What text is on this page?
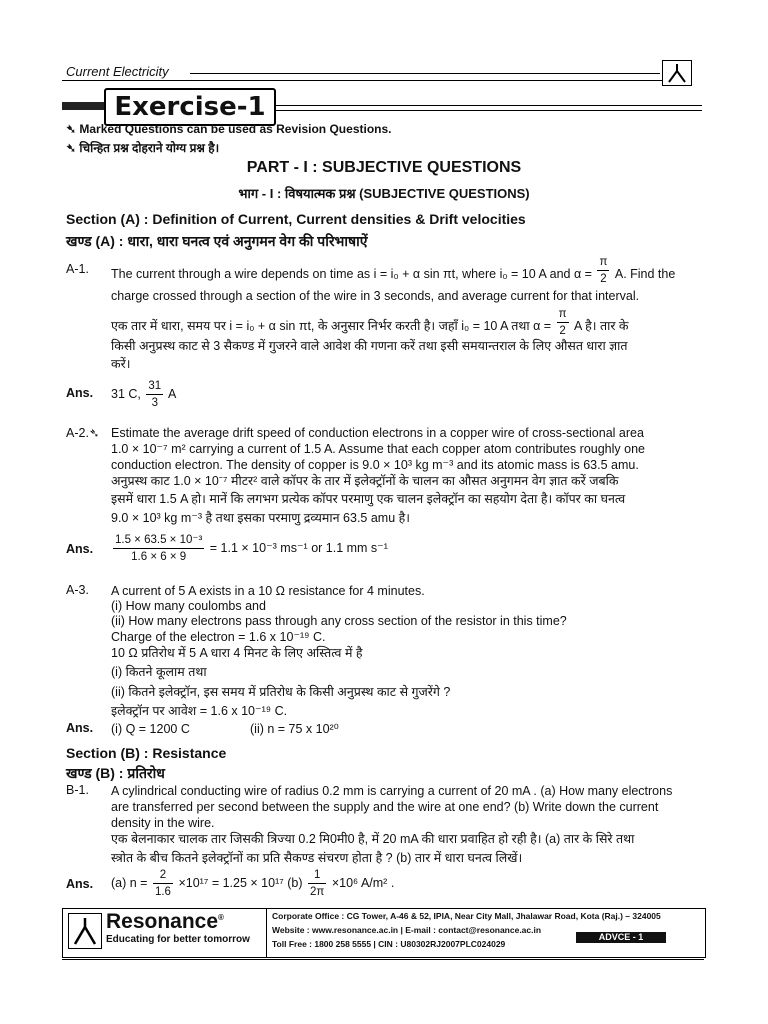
Current Electricity
Exercise-1
➴ Marked Questions can be used as Revision Questions.
➴ चिन्हित प्रश्न दोहराने योग्य प्रश्न है।
PART - I : SUBJECTIVE QUESTIONS
भाग - I : विषयात्मक प्रश्न (SUBJECTIVE QUESTIONS)
Section (A) : Definition of Current, Current densities & Drift velocities
खण्ड (A) : धारा, धारा घनत्व एवं अनुगमन वेग की परिभाषाऐं
A-1. The current through a wire depends on time as i = i₀ + α sin πt, where i₀ = 10 A and $\alpha = \frac{\pi}{2} A$. Find the
charge crossed through a section of the wire in 3 seconds, and average current for that interval.
एक तार में धारा, समय पर i = i₀ + α sin πt, के अनुसार निर्भर करती है। जहाँ i₀ = 10 A तथा $\alpha = \frac{\pi}{2}$ A है। तार के
किसी अनुप्रस्थ काट से 3 सैकण्ड में गुजरने वाले आवेश की गणना करें तथा इसी समयान्तराल के लिए औसत धारा ज्ञात
करें।
Ans. 31 C, $\frac{31}{3}$ A
A-2.➴ Estimate the average drift speed of conduction electrons in a copper wire of cross-sectional area
1.0 × 10⁻⁷ m² carrying a current of 1.5 A. Assume that each copper atom contributes roughly one
conduction electron. The density of copper is 9.0 × 10³ kg m⁻³ and its atomic mass is 63.5 amu.
अनुप्रस्थ काट 1.0 × 10⁻⁷ मीटर² वाले कॉपर के तार में इलेक्ट्रॉनों के चालन का औसत अनुगमन वेग ज्ञात करें जबकि
इसमें धारा 1.5 A हो। मानें कि लगभग प्रत्येक कॉपर परमाणु एक चालन इलेक्ट्रॉन का सहयोग देता है। कॉपर का घनत्व
9.0 × 10³ kg m⁻³ है तथा इसका परमाणु द्रव्यमान 63.5 amu है।
Ans. $\frac{\text{1.5 × 63.5 × 10⁻³}}{1.6 \times 6 \times 9} = 1.1 \times 10^{-3}$ ms⁻¹ or 1.1 mm s⁻¹
A-3. A current of 5 A exists in a 10 Ω resistance for 4 minutes.
(i) How many coulombs and
(ii) How many electrons pass through any cross section of the resistor in this time?
Charge of the electron = 1.6 x 10⁻¹⁹ C.
10 Ω प्रतिरोध में 5 A धारा 4 मिनट के लिए अस्तित्व में है
(i) कितने कूलाम तथा
(ii) कितने इलेक्ट्रॉन, इस समय में प्रतिरोध के किसी अनुप्रस्थ काट से गुजरेंगे ?
इलेक्ट्रॉन पर आवेश = 1.6 x 10⁻¹⁹ C.
Ans. (i) Q = 1200 C	(ii) n = 75 x 10²⁰
Section (B) : Resistance
खण्ड (B) : प्रतिरोध
B-1. A cylindrical conducting wire of radius 0.2 mm is carrying a current of 20 mA . (a) How many electrons
are transferred per second between the supply and the wire at one end? (b) Write down the current
density in the wire.
एक बेलनाकार चालक तार जिसकी त्रिज्या 0.2 मि0मी0 है, में 20 mA की धारा प्रवाहित हो रही है। (a) तार के सिरे तथा
स्त्रोत के बीच कितने इलेक्ट्रॉनों का प्रति सैकण्ड संचरण होता है ? (b) तार में धारा घनत्व लिखें।
Ans. (a) $n = \frac{2}{1.6} \times 10^{17} = 1.25 \times 10^{17}$ $(b) \frac{1}{2\pi} \times 10^6$ A/m² .
Resonance®
Educating for better tomorrow
Corporate Office : CG Tower, A-46 & 52, IPIA, Near City Mall, Jhalawar Road, Kota (Raj.) – 324005
Website : www.resonance.ac.in | E-mail : contact@resonance.ac.in
Toll Free : 1800 258 5555 | CIN : U80302RJ2007PLC024029
ADVCE - 1
